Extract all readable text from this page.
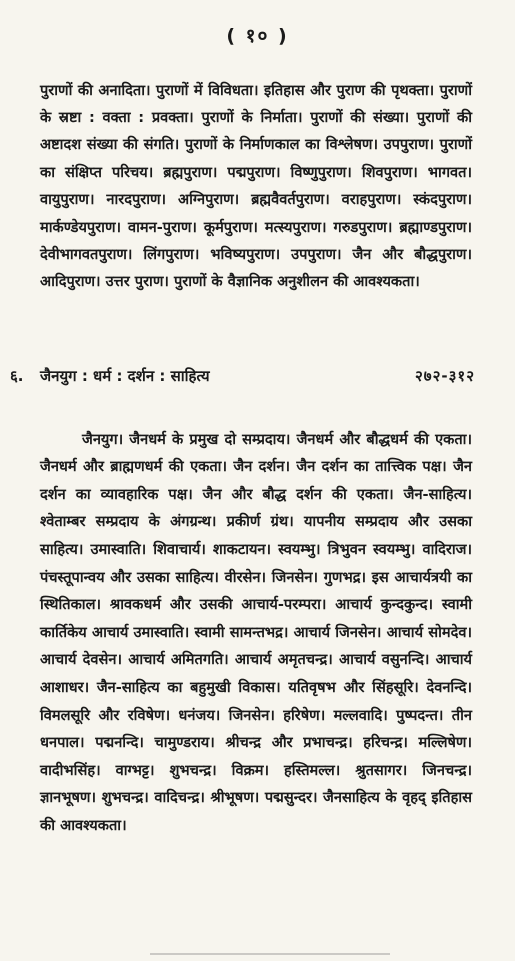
( १० )

पुराणों की अनादिता। पुराणों में विविधता। इतिहास और पुराण की पृथक्ता। पुराणों के स्रष्टा : वक्ता : प्रवक्ता। पुराणों के निर्माता। पुराणों की संख्या। पुराणों की अष्टादश संख्या की संगति। पुराणों के निर्माणकाल का विश्लेषण। उपपुराण। पुराणों का संक्षिप्त परिचय। ब्रह्मपुराण। पद्मपुराण। विष्णुपुराण। शिवपुराण। भागवत। वायुपुराण। नारदपुराण। अग्निपुराण। ब्रह्मवैवर्तपुराण। वराहपुराण। स्कंदपुराण। मार्कण्डेयपुराण। वामन-पुराण। कूर्मपुराण। मत्स्यपुराण। गरुडपुराण। ब्रह्माण्डपुराण। देवीभागवतपुराण। लिंगपुराण। भविष्यपुराण। उपपुराण। जैन और बौद्धपुराण। आदिपुराण। उत्तर पुराण। पुराणों के वैज्ञानिक अनुशीलन की आवश्यकता।

६. जैनयुग : धर्म : दर्शन : साहित्य	२७२-३१२

जैनयुग। जैनधर्म के प्रमुख दो सम्प्रदाय। जैनधर्म और बौद्धधर्म की एकता। जैनधर्म और ब्राह्मणधर्म की एकता। जैन दर्शन। जैन दर्शन का तात्त्विक पक्ष। जैन दर्शन का व्यावहारिक पक्ष। जैन और बौद्ध दर्शन की एकता। जैन-साहित्य। श्वेताम्बर सम्प्रदाय के अंगग्रन्थ। प्रकीर्ण ग्रंथ। यापनीय सम्प्रदाय और उसका साहित्य। उमास्वाति। शिवाचार्य। शाकटायन। स्वयम्भु। त्रिभुवन स्वयम्भु। वादिराज। पंचस्तूपान्वय और उसका साहित्य। वीरसेन। जिनसेन। गुणभद्र। इस आचार्यत्रयी का स्थितिकाल। श्रावकधर्म और उसकी आचार्य-परम्परा। आचार्य कुन्दकुन्द। स्वामी कार्तिकेय आचार्य उमास्वाति। स्वामी सामन्तभद्र। आचार्य जिनसेन। आचार्य सोमदेव। आचार्य देवसेन। आचार्य अमितगति। आचार्य अमृतचन्द्र। आचार्य वसुनन्दि। आचार्य आशाधर। जैन-साहित्य का बहुमुखी विकास। यतिवृषभ और सिंहसूरि। देवनन्दि। विमलसूरि और रविषेण। धनंजय। जिनसेन। हरिषेण। मल्लवादि। पुष्पदन्त। तीन धनपाल। पद्मनन्दि। चामुण्डराय। श्रीचन्द्र और प्रभाचन्द्र। हरिचन्द्र। मल्लिषेण। वादीभसिंह। वाग्भट्ट। शुभचन्द्र। विक्रम। हस्तिमल्ल। श्रुतसागर। जिनचन्द्र। ज्ञानभूषण। शुभचन्द्र। वादिचन्द्र। श्रीभूषण। पद्मसुन्दर। जैनसाहित्य के वृहद् इतिहास की आवश्यकता।
